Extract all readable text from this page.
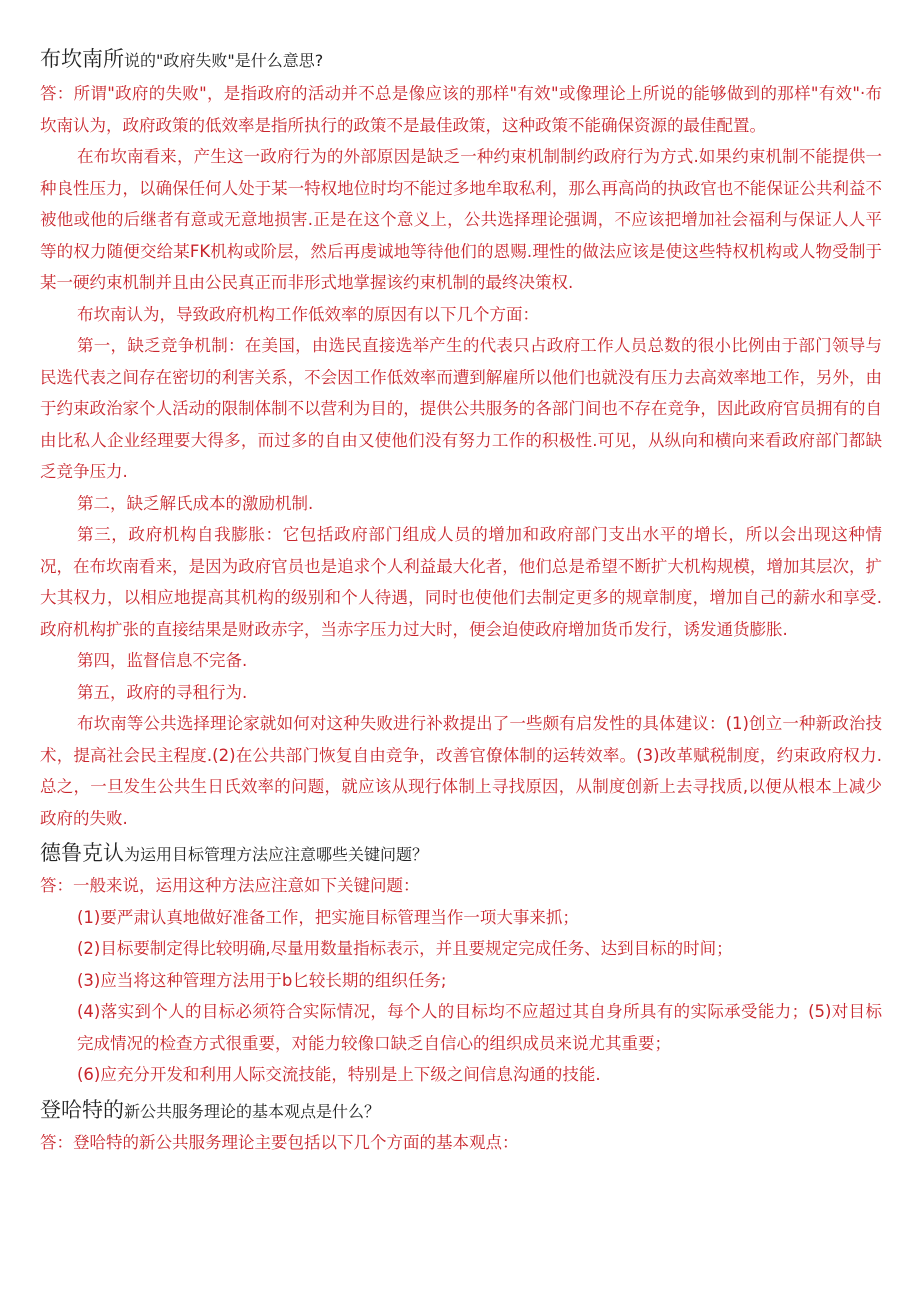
布坎南所说的"政府失败"是什么意思?

答：所谓"政府的失败"，是指政府的活动并不总是像应该的那样"有效"或像理论上所说的能够做到的那样"有效"·布坎南认为，政府政策的低效率是指所执行的政策不是最佳政策，这种政策不能确保资源的最佳配置。

在布坎南看来，产生这一政府行为的外部原因是缺乏一种约束机制制约政府行为方式.如果约束机制不能提供一种良性压力，以确保任何人处于某一特权地位时均不能过多地牟取私利，那么再高尚的执政官也不能保证公共利益不被他或他的后继者有意或无意地损害.正是在这个意义上，公共选择理论强调，不应该把增加社会福利与保证人人平等的权力随便交给某FK机构或阶层，然后再虔诚地等待他们的恩赐.理性的做法应该是使这些特权机构或人物受制于某一硬约束机制并且由公民真正而非形式地掌握该约束机制的最终决策权.

布坎南认为，导致政府机构工作低效率的原因有以下几个方面：

第一，缺乏竞争机制：在美国，由选民直接选举产生的代表只占政府工作人员总数的很小比例由于部门领导与民选代表之间存在密切的利害关系，不会因工作低效率而遭到解雇所以他们也就没有压力去高效率地工作，另外，由于约束政治家个人活动的限制体制不以营利为目的，提供公共服务的各部门间也不存在竞争，因此政府官员拥有的自由比私人企业经理要大得多，而过多的自由又使他们没有努力工作的积极性.可见，从纵向和横向来看政府部门都缺乏竞争压力.

第二，缺乏解氏成本的激励机制.

第三，政府机构自我膨胀：它包括政府部门组成人员的增加和政府部门支出水平的增长，所以会出现这种情况，在布坎南看来，是因为政府官员也是追求个人利益最大化者，他们总是希望不断扩大机构规模，增加其层次，扩大其权力，以相应地提高其机构的级别和个人待遇，同时也使他们去制定更多的规章制度，增加自己的薪水和享受.政府机构扩张的直接结果是财政赤字，当赤字压力过大时，便会迫使政府增加货币发行，诱发通货膨胀.

第四，监督信息不完备.

第五，政府的寻租行为.

布坎南等公共选择理论家就如何对这种失败进行补救提出了一些颇有启发性的具体建议：(1)创立一种新政治技术，提高社会民主程度.(2)在公共部门恢复自由竞争，改善官僚体制的运转效率。(3)改革赋税制度，约束政府权力.总之，一旦发生公共生日氏效率的问题，就应该从现行体制上寻找原因，从制度创新上去寻找质,以便从根本上减少政府的失败.

德鲁克认为运用目标管理方法应注意哪些关键问题？

答：一般来说，运用这种方法应注意如下关键问题：

(1)要严肃认真地做好准备工作，把实施目标管理当作一项大事来抓；

(2)目标要制定得比较明确,尽量用数量指标表示，并且要规定完成任务、达到目标的时间；

(3)应当将这种管理方法用于b匕较长期的组织任务;

(4)落实到个人的目标必须符合实际情况，每个人的目标均不应超过其自身所具有的实际承受能力；(5)对目标完成情况的检查方式很重要，对能力较像口缺乏自信心的组织成员来说尤其重要；

(6)应充分开发和利用人际交流技能，特别是上下级之间信息沟通的技能.

登哈特的新公共服务理论的基本观点是什么？

答：登哈特的新公共服务理论主要包括以下几个方面的基本观点：
